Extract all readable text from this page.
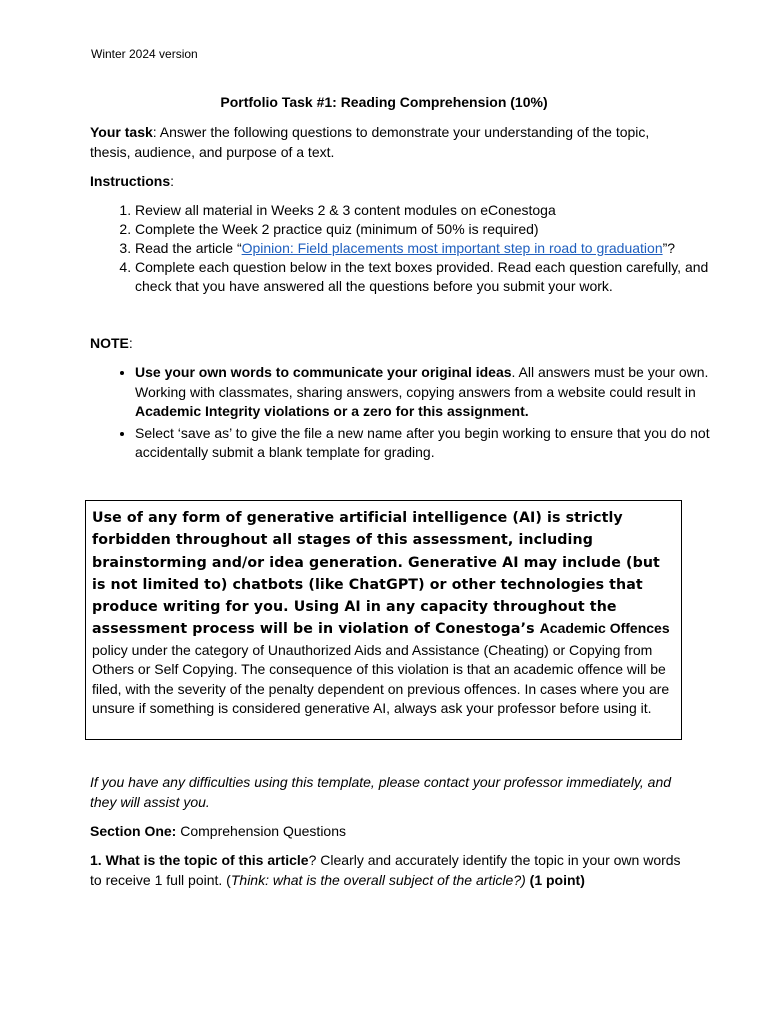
Winter 2024 version
Portfolio Task #1: Reading Comprehension (10%)
Your task: Answer the following questions to demonstrate your understanding of the topic, thesis, audience, and purpose of a text.
Instructions:
1. Review all material in Weeks 2 & 3 content modules on eConestoga
2. Complete the Week 2 practice quiz (minimum of 50% is required)
3. Read the article “Opinion: Field placements most important step in road to graduation”?
4. Complete each question below in the text boxes provided. Read each question carefully, and check that you have answered all the questions before you submit your work.
NOTE:
• Use your own words to communicate your original ideas. All answers must be your own. Working with classmates, sharing answers, copying answers from a website could result in Academic Integrity violations or a zero for this assignment.
• Select ‘save as’ to give the file a new name after you begin working to ensure that you do not accidentally submit a blank template for grading.
Use of any form of generative artificial intelligence (AI) is strictly forbidden throughout all stages of this assessment, including brainstorming and/or idea generation. Generative AI may include (but is not limited to) chatbots (like ChatGPT) or other technologies that produce writing for you. Using AI in any capacity throughout the assessment process will be in violation of Conestoga’s Academic Offences policy under the category of Unauthorized Aids and Assistance (Cheating) or Copying from Others or Self Copying. The consequence of this violation is that an academic offence will be filed, with the severity of the penalty dependent on previous offences. In cases where you are unsure if something is considered generative AI, always ask your professor before using it.
If you have any difficulties using this template, please contact your professor immediately, and they will assist you.
Section One: Comprehension Questions
1. What is the topic of this article? Clearly and accurately identify the topic in your own words to receive 1 full point. (Think: what is the overall subject of the article?) (1 point)
